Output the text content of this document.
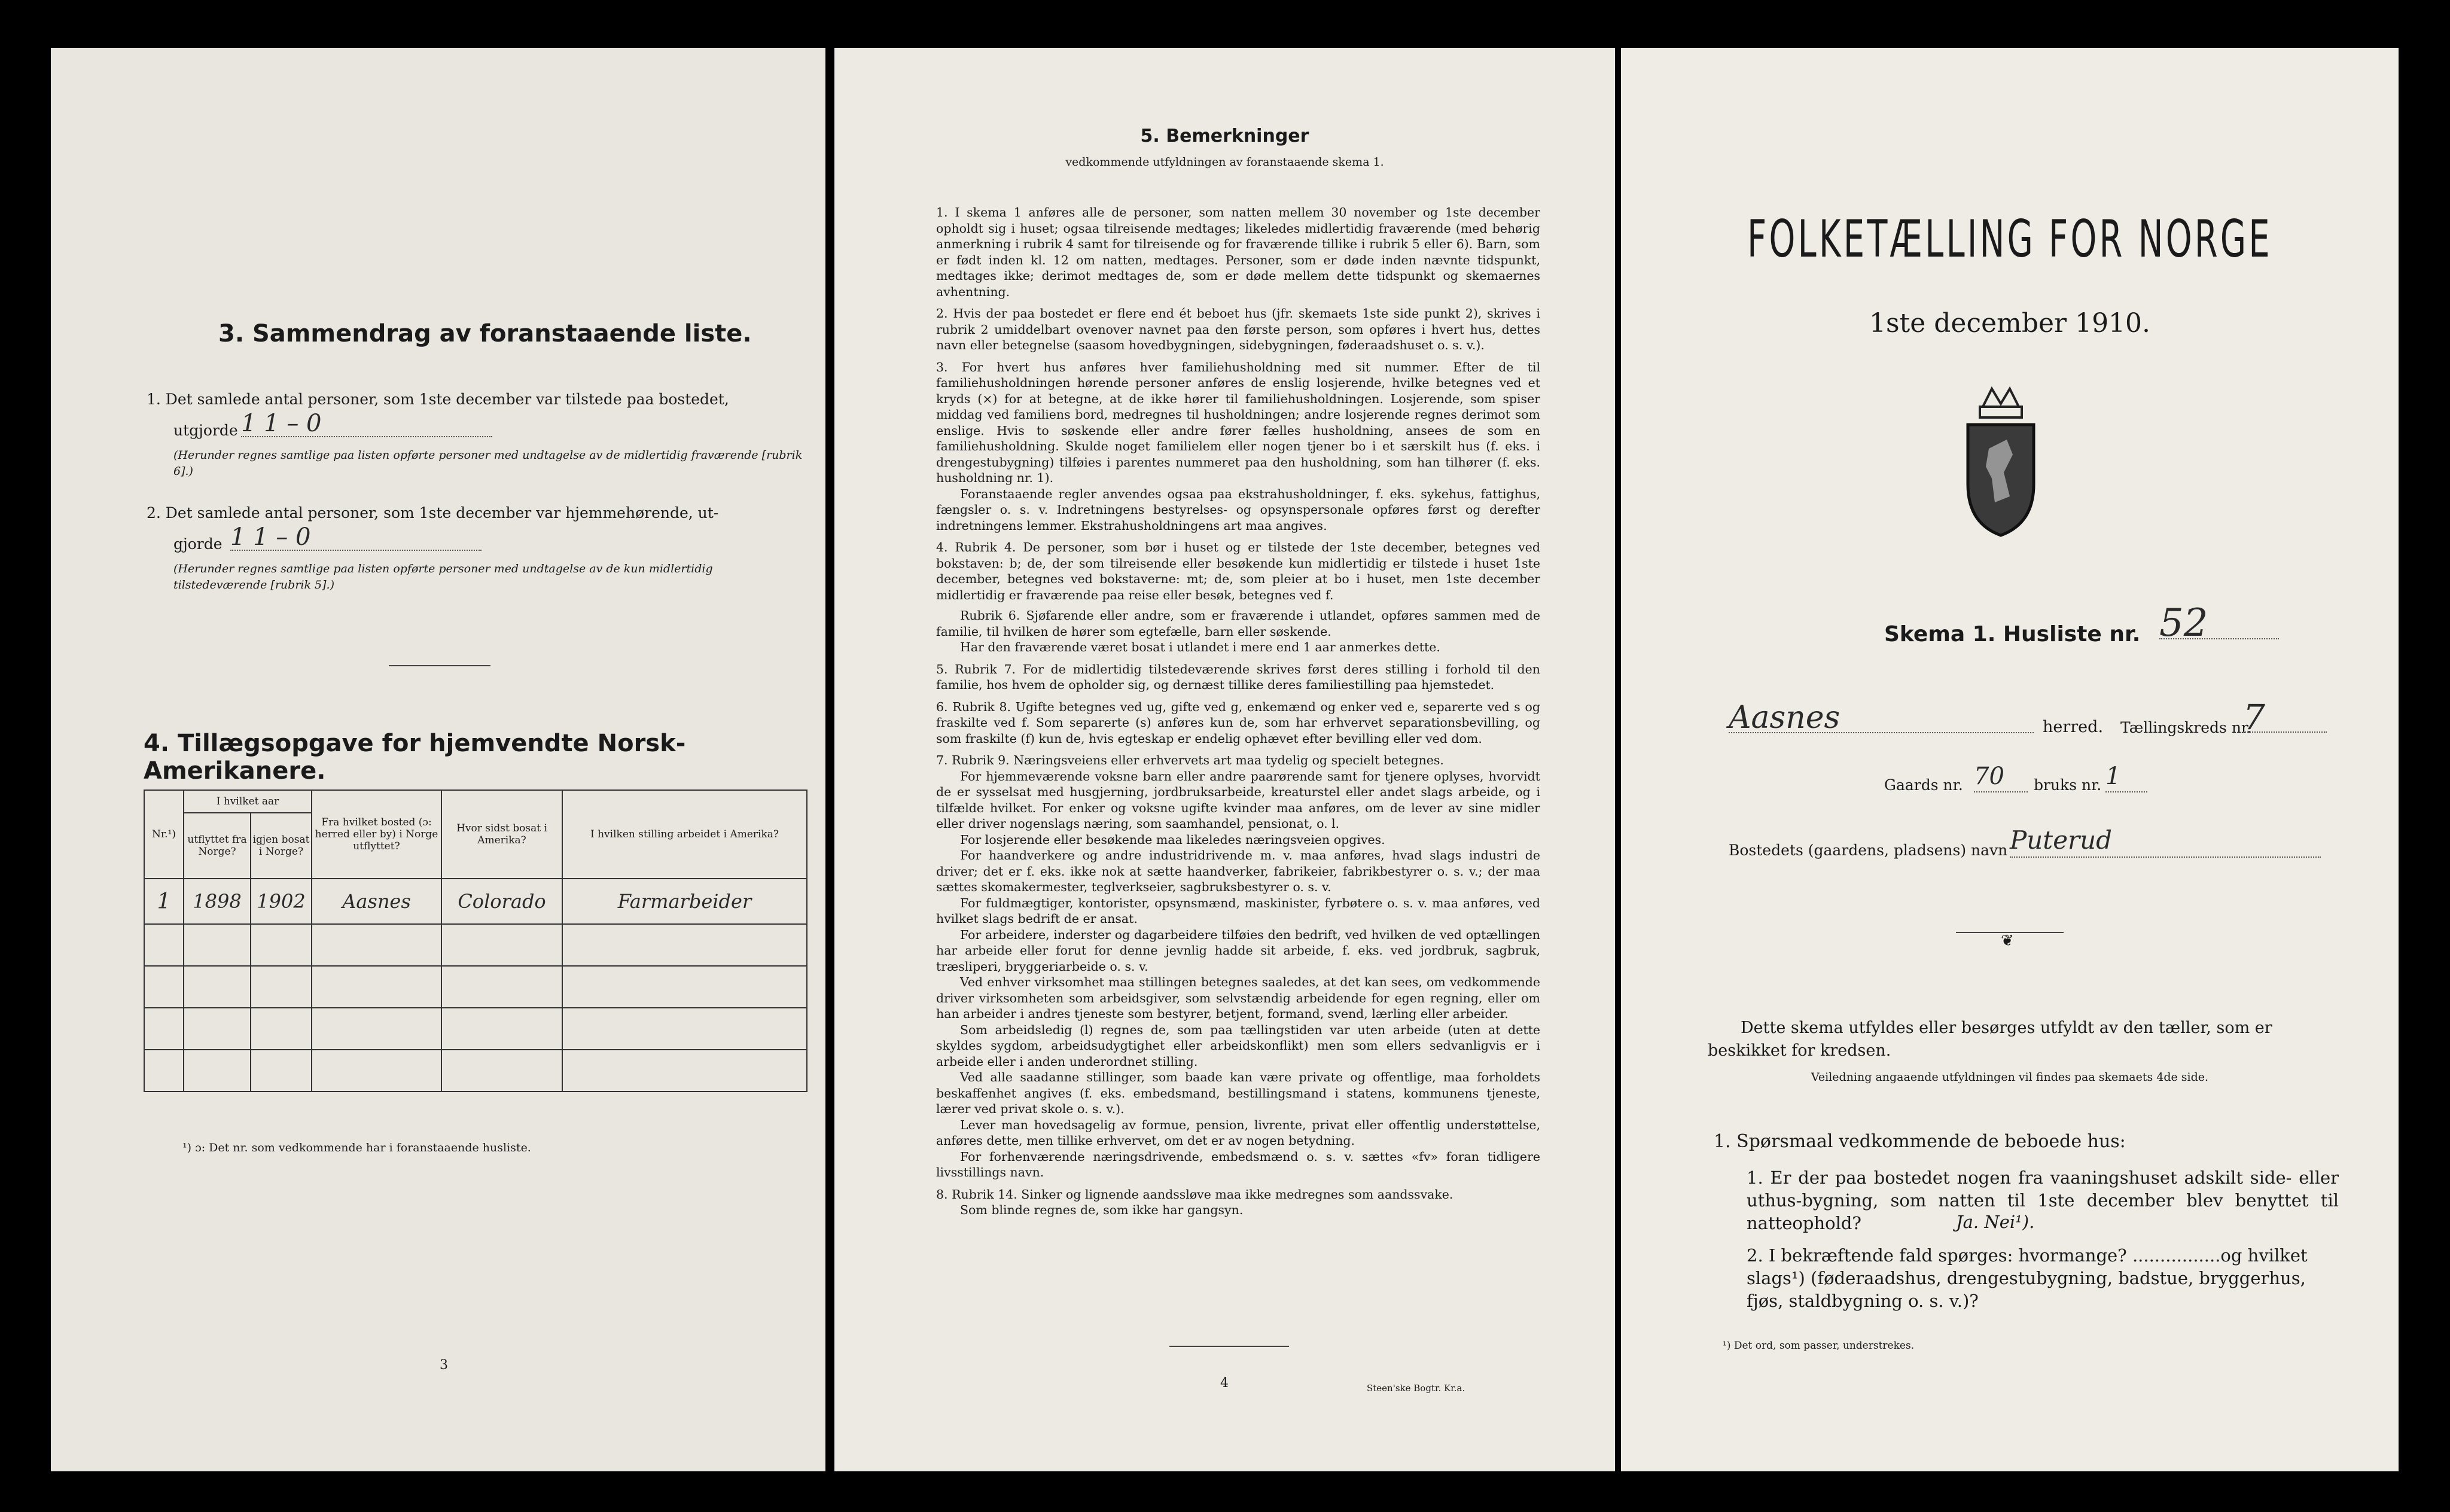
3. Sammendrag av foranstaaende liste.
1. Det samlede antal personer, som 1ste december var tilstede paa bostedet,
utgjorde 1 1 – 0
(Herunder regnes samtlige paa listen opførte personer med undtagelse av de midlertidig fraværende [rubrik 6].)
2. Det samlede antal personer, som 1ste december var hjemmehørende, ut-
gjorde 1 1 – 0
(Herunder regnes samtlige paa listen opførte personer med undtagelse av de kun midlertidig tilstedeværende [rubrik 5].)
4. Tillægsopgave for hjemvendte Norsk-Amerikanere.
Nr.¹)	I hvilket aar		Fra hvilket bosted (ɔ: herred eller by) i Norge utflyttet?	Hvor sidst bosat i Amerika?	I hvilken stilling arbeidet i Amerika?
	utflyttet fra Norge?	igjen bosat i Norge?			
1	1898	1902	Aasnes	Colorado	Farmarbeider

¹) ɔ: Det nr. som vedkommende har i foranstaaende husliste.
3
5. Bemerkninger
vedkommende utfyldningen av foranstaaende skema 1.

1. I skema 1 anføres alle de personer, som natten mellem 30 november og 1ste december opholdt sig i huset; ogsaa tilreisende medtages; likeledes midlertidig fraværende (med behørig anmerkning i rubrik 4 samt for tilreisende og for fraværende tillike i rubrik 5 eller 6). Barn, som er født inden kl. 12 om natten, medtages. Personer, som er døde inden nævnte tidspunkt, medtages ikke; derimot medtages de, som er døde mellem dette tidspunkt og skemaernes avhentning.

2. Hvis der paa bostedet er flere end ét beboet hus (jfr. skemaets 1ste side punkt 2), skrives i rubrik 2 umiddelbart ovenover navnet paa den første person, som opføres i hvert hus, dettes navn eller betegnelse (saasom hovedbygningen, sidebygningen, føderaadshuset o. s. v.).

3. For hvert hus anføres hver familiehusholdning med sit nummer. Efter de til familiehusholdningen hørende personer anføres de enslig losjerende, hvilke betegnes ved et kryds (×) for at betegne, at de ikke hører til familiehusholdningen. Losjerende, som spiser middag ved familiens bord, medregnes til husholdningen; andre losjerende regnes derimot som enslige. Hvis to søskende eller andre fører fælles husholdning, ansees de som en familiehusholdning. Skulde noget familielem eller nogen tjener bo i et særskilt hus (f. eks. i drengestubygning) tilføies i parentes nummeret paa den husholdning, som han tilhører (f. eks. husholdning nr. 1).

Foranstaaende regler anvendes ogsaa paa ekstrahusholdninger, f. eks. sykehus, fattighus, fængsler o. s. v. Indretningens bestyrelses- og opsynspersonale opføres først og derefter indretningens lemmer. Ekstrahusholdningens art maa angives.

4. Rubrik 4. De personer, som bør i huset og er tilstede der 1ste december, betegnes ved bokstaven: b; de, der som tilreisende eller besøkende kun midlertidig er tilstede i huset 1ste december, betegnes ved bokstaverne: mt; de, som pleier at bo i huset, men 1ste december midlertidig er fraværende paa reise eller besøk, betegnes ved f.

Rubrik 6. Sjøfarende eller andre, som er fraværende i utlandet, opføres sammen med de familie, til hvilken de hører som egtefælle, barn eller søskende.

Har den fraværende været bosat i utlandet i mere end 1 aar anmerkes dette.

5. Rubrik 7. For de midlertidig tilstedeværende skrives først deres stilling i forhold til den familie, hos hvem de opholder sig, og dernæst tillike deres familiestilling paa hjemstedet.

6. Rubrik 8. Ugifte betegnes ved ug, gifte ved g, enkemænd og enker ved e, separerte ved s og fraskilte ved f. Som separerte (s) anføres kun de, som har erhvervet separationsbevilling, og som fraskilte (f) kun de, hvis egteskap er endelig ophævet efter bevilling eller ved dom.

7. Rubrik 9. Næringsveiens eller erhvervets art maa tydelig og specielt betegnes.

For hjemmeværende voksne barn eller andre paarørende samt for tjenere oplyses, hvorvidt de er sysselsat med husgjerning, jordbruksarbeide, kreaturstel eller andet slags arbeide, og i tilfælde hvilket. For enker og voksne ugifte kvinder maa anføres, om de lever av sine midler eller driver nogenslags næring, som saamhandel, pensionat, o. l.

For losjerende eller besøkende maa likeledes næringsveien opgives.

For haandverkere og andre industridrivende m. v. maa anføres, hvad slags industri de driver; det er f. eks. ikke nok at sætte haandverker, fabrikeier, fabrikbestyrer o. s. v.; der maa sættes skomakermester, teglverkseier, sagbruksbestyrer o. s. v.

For fuldmægtiger, kontorister, opsynsmænd, maskinister, fyrbøtere o. s. v. maa anføres, ved hvilket slags bedrift de er ansat.

For arbeidere, inderster og dagarbeidere tilføies den bedrift, ved hvilken de ved optællingen har arbeide eller forut for denne jevnlig hadde sit arbeide, f. eks. ved jordbruk, sagbruk, træsliperi, bryggeriarbeide o. s. v.

Ved enhver virksomhet maa stillingen betegnes saaledes, at det kan sees, om vedkommende driver virksomheten som arbeidsgiver, som selvstændig arbeidende for egen regning, eller om han arbeider i andres tjeneste som bestyrer, betjent, formand, svend, lærling eller arbeider.

Som arbeidsledig (l) regnes de, som paa tællingstiden var uten arbeide (uten at dette skyldes sygdom, arbeidsudygtighet eller arbeidskonflikt) men som ellers sedvanligvis er i arbeide eller i anden underordnet stilling.

Ved alle saadanne stillinger, som baade kan være private og offentlige, maa forholdets beskaffenhet angives (f. eks. embedsmand, bestillingsmand i statens, kommunens tjeneste, lærer ved privat skole o. s. v.).

Lever man hovedsagelig av formue, pension, livrente, privat eller offentlig understøttelse, anføres dette, men tillike erhvervet, om det er av nogen betydning.

For forhenværende næringsdrivende, embedsmænd o. s. v. sættes «fv» foran tidligere livsstillings navn.

8. Rubrik 14. Sinker og lignende aandssløve maa ikke medregnes som aandssvake.

Som blinde regnes de, som ikke har gangsyn.

4	Steen'ske Bogtr. Kr.a.
FOLKETÆLLING FOR NORGE
1ste december 1910.
Skema 1. Husliste nr. 52
Aasnes	herred. Tællingskreds nr.
7
Gaards nr. 70	bruks nr. 1
Bostedets (gaardens, pladsens) navn Puterud
❦
Dette skema utfyldes eller besørges utfyldt av den tæller, som er beskikket for kredsen.
Veiledning angaaende utfyldningen vil findes paa skemaets 4de side.
1. Spørsmaal vedkommende de beboede hus:
1. Er der paa bostedet nogen fra vaaningshuset adskilt side- eller uthus-bygning, som natten til 1ste december blev benyttet til natteophold?	Ja. Nei¹).
2. I bekræftende fald spørges: hvormange? ................og hvilket slags¹) (føderaadshus, drengestubygning, badstue, bryggerhus, fjøs, staldbygning o. s. v.)?
¹) Det ord, som passer, understrekes.
